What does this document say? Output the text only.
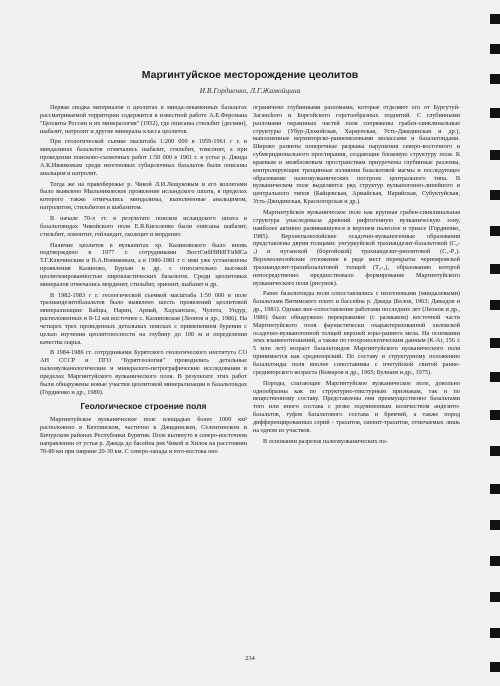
Маргинтуйское месторождение цеолитов
И.В.Гордиенко, Л.Г.Жамойцина

Первая сводка материалов о цеолитах в минда-лекаменных базальтах рассматриваемой территории содержится в известной работе А.Е.Ферсмана "Цеолиты России и их минералогия" (1952), где описаны стильбит (десмин), шабазит, натролит и другие минералы класса цеолитов.

При геологической съемке масштаба 1:200 000 в 1959-1961 г г. в миндалинах базальтов отмечались шабазит, стильбит, томсонит, а при проведении поисково-съемочных работ 1:50 000 в 1961 г. в устье р. Джида А.К.Иванковым среди неогеновых субщелочных базальтов были описаны анальцим и натролит.

Тогда же на правобережье р. Чикой Л.И.Лещуковым и его коллегами было выявлено Мыльниковское проявление исландского шпата, в пределах которого также отмечались миндалины, выполненные анальцимом, натролитом, стильбитом и шабазитом.

В начале 70-х гг. в результате поисков исландского шпата в базальтовидах Чикойского поля Е.Я.Киселенко были описаны шабазит, стильбит, ломонтит, гейландит, сколецит и морденит.

Наличие цеолитов в вулканитах хр. Калиновского было вновь подтверждено в 1977 г. сотрудниками ВостСибНИИГГиМСа Т.Г.Ключинским и В.А.Новиковым, а в 1980-1981 г г. ими уже установлены проявления Калиново, Бурхан и др. с относительно высокой цеолитизированностью пирокластических базальтов. Среди цеолитовых минералов отмечались морденит, стильбит, эрионит, шабазит и др.

В 1982-1983 г г. геологической съемкой масштаба 1:50 000 в поле трахиандезитобазальтов было выявлено шесть проявлений цеолитовой минерализации: Байцы, Нарин, Армай, Хадханское, Чулота, Ундур, расположенных в 8-12 км восточнее с. Калиновская (Леонов и др., 1986). На четырех трех проведенных детальных поисках с применением бурения с целью изучения цеолитоносности на глубину до 100 м и определения качества сырья.

В 1984-1986 гг. сотрудниками Бурятского геологического института СО АН СССР и ПГО "Бурятгеология" проводились детальные палеовулканологические и минералого-петрографические исследования в пределах Маргинтуйского вулканического поля. В результате этих работ были обнаружены новые участки цеолитовой минерализации в базальтоидах (Гордиенко и др., 1989).

Геологическое строение поля

Маргинтуйское вулканическое поле площадью более 1000 км² расположено в Кяхтинском, частично в Джидинском, Селенгинском и Бичурском районах Республики Бурятия. Поле вытянуто в северо-восточном направлении от устья р. Джида до басейна рек Чикой и Хилок на расстоянии 70-80 км при ширине 20-30 км. С северо-запада и юго-востока оно

ограничено глубинными разломами, которые отделяют его от Бургутуй-Загансkого и Боргойского горстообразных поднятий. С глубинными разломами окраинных частей поля сопряжены грабен-синклинальные структуры (Убур-Дзокойская, Хараунская, Усть-Джидинская и др.), выполненные верхнеюрско-раннемеловыми молассами и базальтоидами. Широко развиты поперечные разрывы нарушения северо-восточного и субмеридионального простирания, создающие блоковую структуру поля. К краевым и межблоковым пространствам приурочены глубинные разломы, контролирующие трещинные излияния базальтовой магмы и последующее образование палеовулканических построек центрального типа. В вулканическом поле выделяется ряд структур вулканогенно-линейного и центрального типов (Байцевская, Армайская, Нарийская, Субуктуйская, Усть-Джидинская, Красногорская и др.).

Маргинтуйское вулканическое поле как крупная грабен-синклинальная структура унаследовала древний рифтогенную вулканическую зону, наиболее активно развивавшуюся в верхнем палеозое и триасе (Гордиенко, 1985). Верхнепалеозойские осадочно-вулканогенные образования представлены двумя толщами: унгуркуйской трахиандезит-базальтовой (С₂-₃) и нуганской (боргойской) трахиандезит-риолитовой (С₃-Р₁). Верхнеолеозойские отложения в ряде мест перекрыты чернояровской трахиандезит-трахибазальтовой толщей (Т₂-₃), образованию которой непосредственно предшествовало формирование Маргинтуйского вулканического поля (рисунок).

Ранее базальтоиды поля сопоставлялись с неогеновыми (миндалевыми) базальтами Витимского плато и бассейна р. Джида (Белов, 1963; Давыдов и др., 1981). Однако вне-сопоставление работами последних лет (Леонов и др., 1986) было обнаружено перекрывание (с размывом) восточной части Маргинтуйского поля фаунистически охарактеризованной хилокской осадочно-вулканогенной толщей верхней юры-раннего мела. На основании этих взаимоотношений, а также по геохронологическим данным (K-Ar, 156 ± 5 млн лет) возраст базальтоидов Маргинтуйского вулканического поля принимается как среднеюрский. По составу и структурному положению базальтоиды поля вполне сопоставимы с ичетуйской свитой ранне-среднеюрского возраста (Комаров и др., 1965; Булнаев и др., 1975).

Породы, слагающие Маргинтуйское вулканическое поле, довольно однообразны как по структурно-текстурным признакам, так и по вещественному составу. Представлены они преимущественно базальтами того или иного состава с резко подчиненным количеством андезито-базальтов, туфов базальтового состава и брекчий, а также пород дифференцированных серий - трахитов, сиенит-трахитов, отмечаемых лишь на одном из участков.

В основании разрезов палеовулканических по-

234
